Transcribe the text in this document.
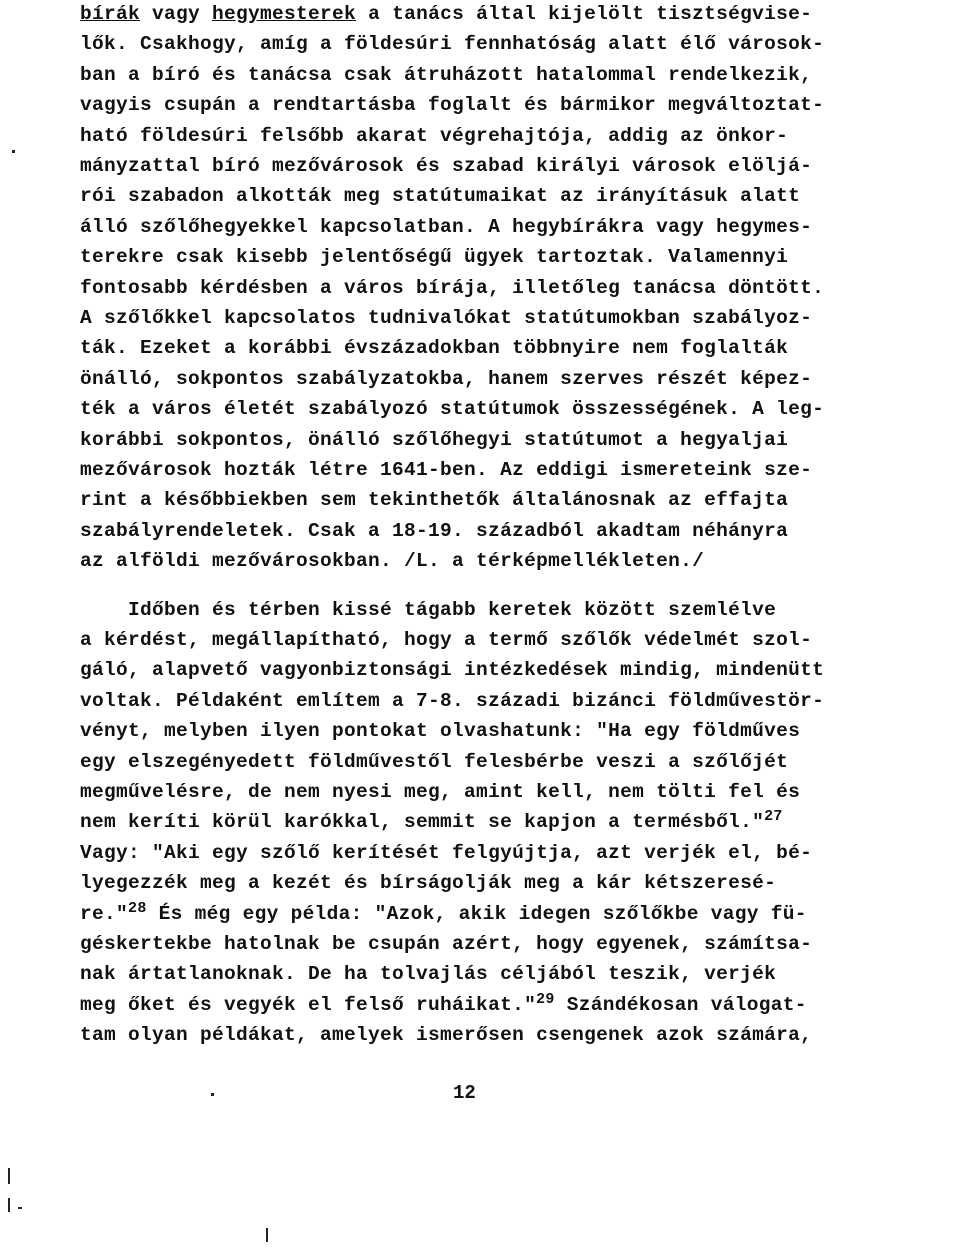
bírák vagy hegymesterek a tanács által kijelölt tisztségvise-
lők. Csakhogy, amíg a földesúri fennhatóság alatt élő városok-
ban a bíró és tanácsa csak átruházott hatalommal rendelkezik,
vagyis csupán a rendtartásba foglalt és bármikor megváltoztat-
ható földesúri felsőbb akarat végrehajtója, addig az önkor-
mányzattal bíró mezővárosok és szabad királyi városok elöljá-
rói szabadon alkották meg statútumaikat az irányításuk alatt
álló szőlőhegyekkel kapcsolatban. A hegybírákra vagy hegymes-
terekre csak kisebb jelentőségű ügyek tartoztak. Valamennyi
fontosabb kérdésben a város bírája, illetőleg tanácsa döntött.
A szőlőkkel kapcsolatos tudnivalókat statútumokban szabályoz-
ták. Ezeket a korábbi évszázadokban többnyire nem foglalták
önálló, sokpontos szabályzatokba, hanem szerves részét képez-
ték a város életét szabályozó statútumok összességének. A leg-
korábbi sokpontos, önálló szőlőhegyi statútumot a hegyaljai
mezővárosok hozták létre 1641-ben. Az eddigi ismereteink sze-
rint a későbbiekben sem tekinthetők általánosnak az effajta
szabályrendeletek. Csak a 18-19. századból akadtam néhányra
az alföldi mezővárosokban. /L. a térképmellékleten./
Időben és térben kissé tágabb keretek között szemlélve
a kérdést, megállapítható, hogy a termő szőlők védelmét szol-
gáló, alapvető vagyonbiztonsági intézkedések mindig, mindenütt
voltak. Példaként említem a 7-8. századi bizánci földművestör-
vényt, melyben ilyen pontokat olvashatunk: "Ha egy földműves
egy elszegényedett földművestől felesbérbe veszi a szőlőjét
megművelésre, de nem nyesi meg, amint kell, nem tölti fel és
nem keríti körül karókkal, semmit se kapjon a termésből."$^{27}$
Vagy: "Aki egy szőlő kerítését felgyújtja, azt verjék el, bé-
lyegezzék meg a kezét és bírságolják meg a kár kétszeresé-
re."$^{28}$ És még egy példa: "Azok, akik idegen szőlőkbe vagy fü-
géskertekbe hatolnak be csupán azért, hogy egyenek, számítsa-
nak ártatlanoknak. De ha tolvajlás céljából teszik, verjék
meg őket és vegyék el felső ruháikat."$^{29}$ Szándékosan válogat-
tam olyan példákat, amelyek ismerősen csengenek azok számára,
12
